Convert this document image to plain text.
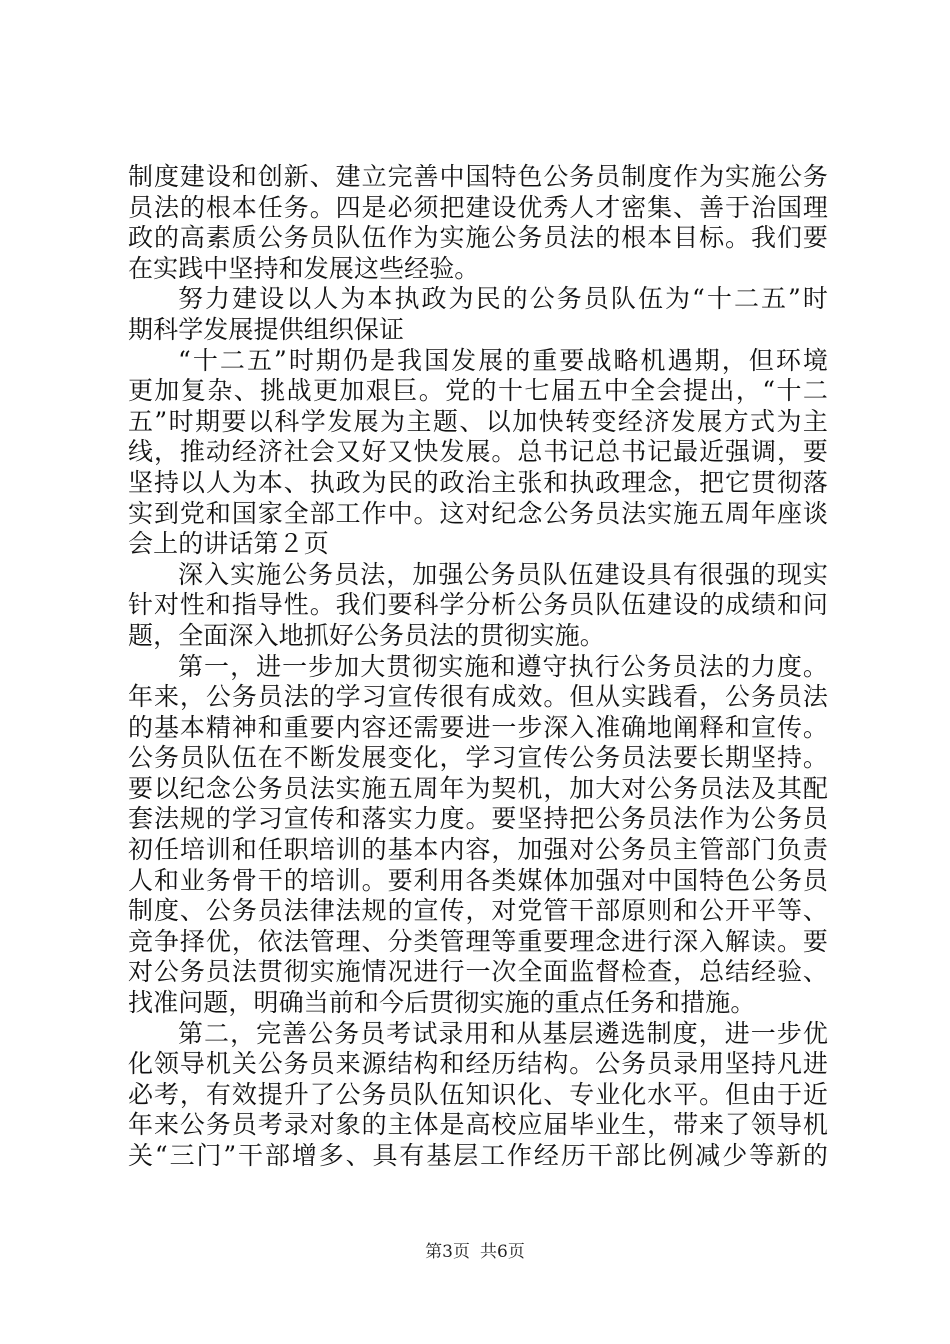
制度建设和创新、建立完善中国特色公务员制度作为实施公务
员法的根本任务。四是必须把建设优秀人才密集、善于治国理
政的高素质公务员队伍作为实施公务员法的根本目标。我们要
在实践中坚持和发展这些经验。
努力建设以人为本执政为民的公务员队伍为“十二五”时
期科学发展提供组织保证
“十二五”时期仍是我国发展的重要战略机遇期，但环境
更加复杂、挑战更加艰巨。党的十七届五中全会提出，“十二
五”时期要以科学发展为主题、以加快转变经济发展方式为主
线，推动经济社会又好又快发展。总书记总书记最近强调，要
坚持以人为本、执政为民的政治主张和执政理念，把它贯彻落
实到党和国家全部工作中。这对纪念公务员法实施五周年座谈
会上的讲话第２页
深入实施公务员法，加强公务员队伍建设具有很强的现实
针对性和指导性。我们要科学分析公务员队伍建设的成绩和问
题，全面深入地抓好公务员法的贯彻实施。
第一，进一步加大贯彻实施和遵守执行公务员法的力度。
年来，公务员法的学习宣传很有成效。但从实践看，公务员法
的基本精神和重要内容还需要进一步深入准确地阐释和宣传。
公务员队伍在不断发展变化，学习宣传公务员法要长期坚持。
要以纪念公务员法实施五周年为契机，加大对公务员法及其配
套法规的学习宣传和落实力度。要坚持把公务员法作为公务员
初任培训和任职培训的基本内容，加强对公务员主管部门负责
人和业务骨干的培训。要利用各类媒体加强对中国特色公务员
制度、公务员法律法规的宣传，对党管干部原则和公开平等、
竞争择优，依法管理、分类管理等重要理念进行深入解读。要
对公务员法贯彻实施情况进行一次全面监督检查，总结经验、
找准问题，明确当前和今后贯彻实施的重点任务和措施。
第二，完善公务员考试录用和从基层遴选制度，进一步优
化领导机关公务员来源结构和经历结构。公务员录用坚持凡进
必考，有效提升了公务员队伍知识化、专业化水平。但由于近
年来公务员考录对象的主体是高校应届毕业生，带来了领导机
关“三门”干部增多、具有基层工作经历干部比例减少等新的
第3页 共6页
